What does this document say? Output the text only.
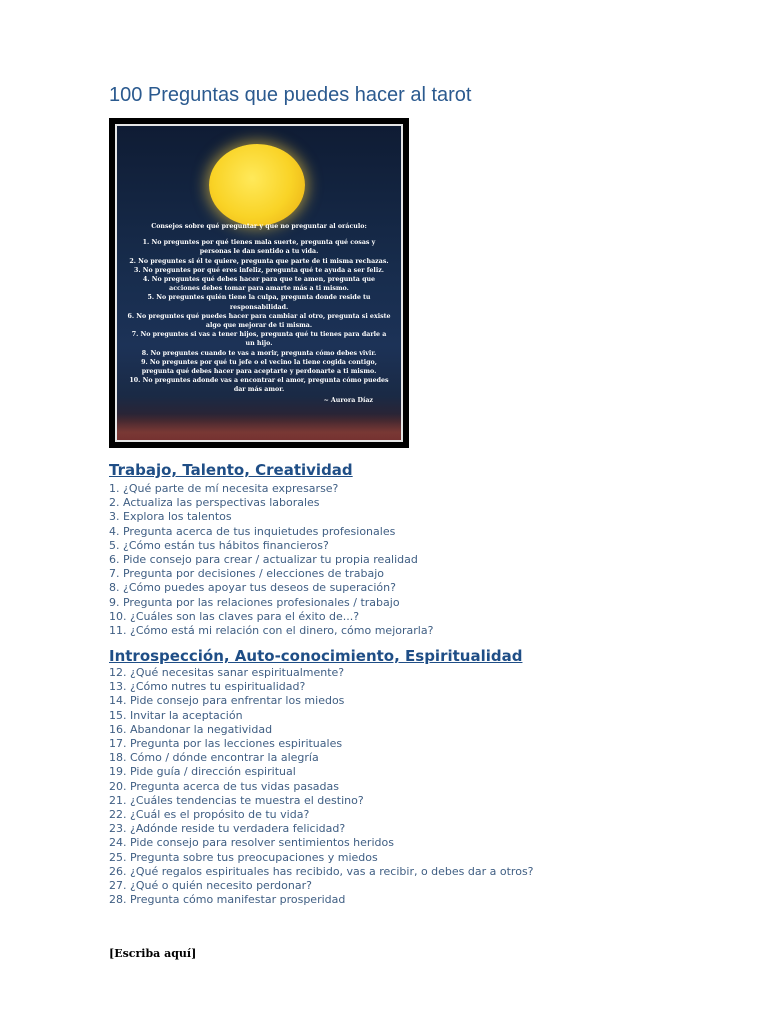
100 Preguntas que puedes hacer al tarot
Consejos sobre qué preguntar y que no preguntar al oráculo:

1. No preguntes por qué tienes mala suerte, pregunta qué cosas y personas le dan sentido a tu vida.

2. No preguntes si él te quiere, pregunta que parte de ti misma rechazas.

3. No preguntes por qué eres infeliz, pregunta qué te ayuda a ser feliz.

4. No preguntes qué debes hacer para que te amen, pregunta que acciones debes tomar para amarte más a ti mismo.

5. No preguntes quién tiene la culpa, pregunta donde reside tu responsabilidad.

6. No preguntes qué puedes hacer para cambiar al otro, pregunta si existe algo que mejorar de ti misma.

7. No preguntes si vas a tener hijos, pregunta qué tu tienes para darle a un hijo.

8. No preguntes cuando te vas a morir, pregunta cómo debes vivir.

9. No preguntes por qué tu jefe o el vecino la tiene cogida contigo, pregunta qué debes hacer para aceptarte y perdonarte a ti mismo.

10. No preguntes adonde vas a encontrar el amor, pregunta cómo puedes dar más amor.

~ Aurora Díaz
Trabajo, Talento, Creatividad
1. ¿Qué parte de mí necesita expresarse?
2. Actualiza las perspectivas laborales
3. Explora los talentos
4. Pregunta acerca de tus inquietudes profesionales
5. ¿Cómo están tus hábitos financieros?
6. Pide consejo para crear / actualizar tu propia realidad
7. Pregunta por decisiones / elecciones de trabajo
8. ¿Cómo puedes apoyar tus deseos de superación?
9. Pregunta por las relaciones profesionales / trabajo
10. ¿Cuáles son las claves para el éxito de...?
11. ¿Cómo está mi relación con el dinero, cómo mejorarla?
Introspección, Auto-conocimiento, Espiritualidad
12. ¿Qué necesitas sanar espiritualmente?
13. ¿Cómo nutres tu espiritualidad?
14. Pide consejo para enfrentar los miedos
15. Invitar la aceptación
16. Abandonar la negatividad
17. Pregunta por las lecciones espirituales
18. Cómo / dónde encontrar la alegría
19. Pide guía / dirección espiritual
20. Pregunta acerca de tus vidas pasadas
21. ¿Cuáles tendencias te muestra el destino?
22. ¿Cuál es el propósito de tu vida?
23. ¿Adónde reside tu verdadera felicidad?
24. Pide consejo para resolver sentimientos heridos
25. Pregunta sobre tus preocupaciones y miedos
26. ¿Qué regalos espirituales has recibido, vas a recibir, o debes dar a otros?
27. ¿Qué o quién necesito perdonar?
28. Pregunta cómo manifestar prosperidad
[Escriba aquí]
